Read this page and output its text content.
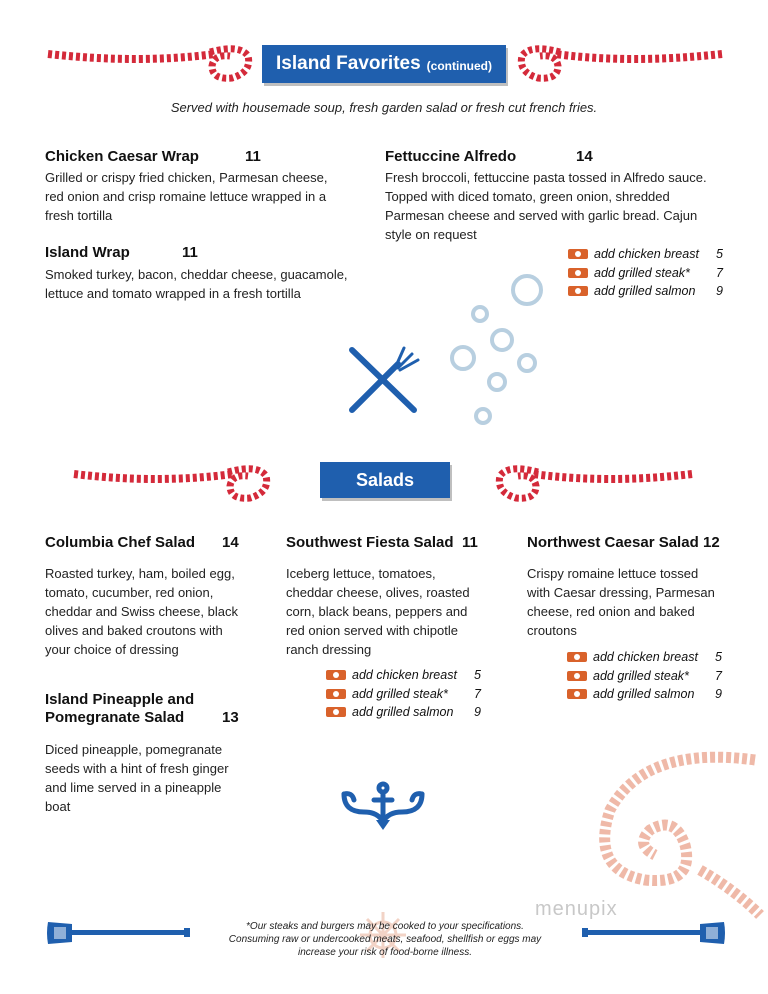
Island Favorites (continued)
Served with housemade soup, fresh garden salad or fresh cut french fries.
Chicken Caesar Wrap	11
Grilled or crispy fried chicken, Parmesan cheese,
red onion and crisp romaine lettuce wrapped in a
fresh tortilla
Island Wrap	11
Smoked turkey, bacon, cheddar cheese, guacamole,
lettuce and tomato wrapped in a fresh tortilla
Fettuccine Alfredo	14
Fresh broccoli, fettuccine pasta tossed in Alfredo sauce.
Topped with diced tomato, green onion, shredded
Parmesan cheese and served with garlic bread. Cajun
style on request
add chicken breast	5
add grilled steak*	7
add grilled salmon	9
Salads
Columbia Chef Salad 14
Roasted turkey, ham, boiled egg,
tomato, cucumber, red onion,
cheddar and Swiss cheese, black
olives and baked croutons with
your choice of dressing
Southwest Fiesta Salad 11
Iceberg lettuce, tomatoes,
cheddar cheese, olives, roasted
corn, black beans, peppers and
red onion served with chipotle
ranch dressing
add chicken breast	5
add grilled steak*	7
add grilled salmon	9
Northwest Caesar Salad 12
Crispy romaine lettuce tossed
with Caesar dressing, Parmesan
cheese, red onion and baked
croutons
add chicken breast	5
add grilled steak*	7
add grilled salmon	9
Island Pineapple and
Pomegranate Salad	13
Diced pineapple, pomegranate
seeds with a hint of fresh ginger
and lime served in a pineapple
boat
*Our steaks and burgers may be cooked to your specifications.
Consuming raw or undercooked meats, seafood, shellfish or eggs may
increase your risk of food-borne illness.
menupix
